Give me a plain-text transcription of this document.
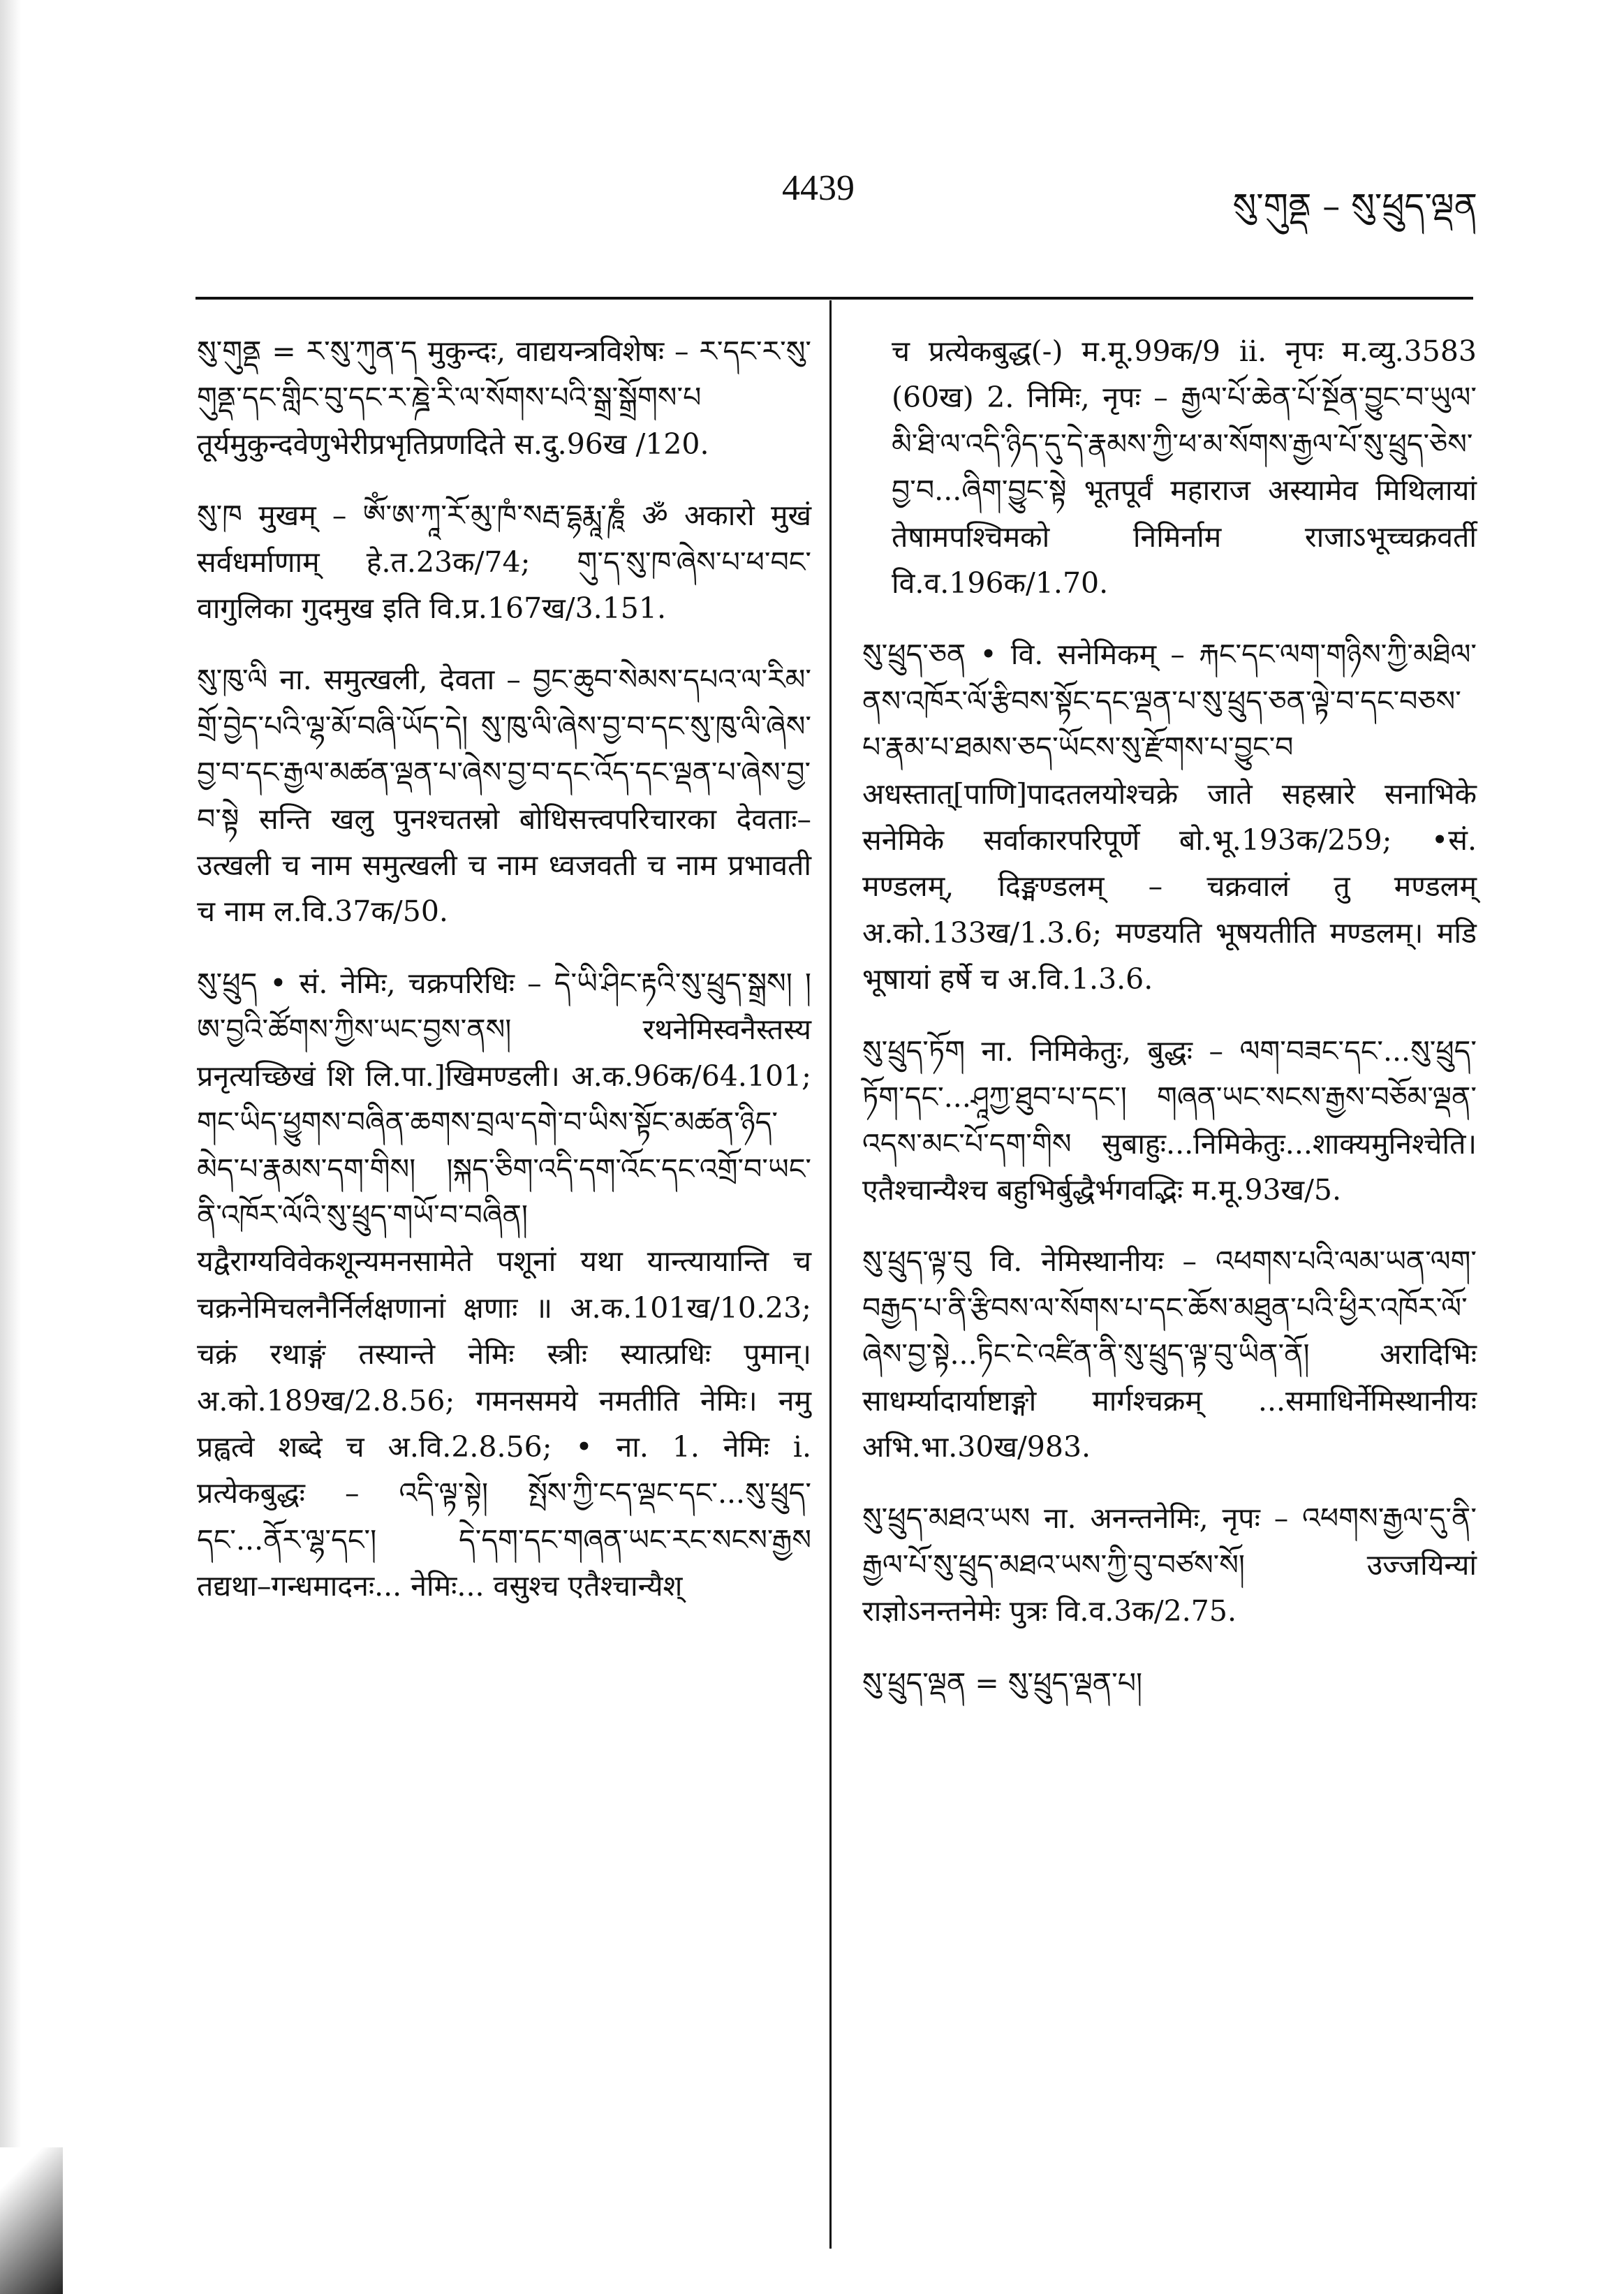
4439	སུ་གུནྡ – སུ་ཕྲུད་ལྡན

སུ་གུནྡ = ཪ་སུ་ཀུན་ད मुकुन्दः, वाद्ययन्त्रविशेषः – ཪ་དང་ཪ་སུ་གུནྡ་དང་གླིང་བུ་དང་ཪ་ཎྜེ་རི་ལ་སོགས་པའི་སྒྲ་སྒྲོགས་པ तूर्यमुकुन्दवेणुभेरीप्रभृतिप्रणदिते स.दु.96ख /120.

སུ་ཁ मुखम् – ཨོཾ་ཨ་ཀཱ་རོ་མུ་ཁཾ་སརྦ་དྷརྨཱ་ཎཱཾ ॐ अकारो मुखं सर्वधर्माणाम् हे.त.23क/74; གུ་ད་སུ་ཁ་ཞེས་པ་ཕ་བང་ वागुलिका गुदमुख इति वि.प्र.167ख/3.151.

སུ་ཁུ་ལི ना. समुत्खली, देवता – བྱང་ཆུབ་སེམས་དཔའ་ལ་རིམ་གྲོ་བྱེད་པའི་ལྷ་མོ་བཞི་ཡོད་དེ། སུ་ཁུ་ལི་ཞེས་བྱ་བ་དང་སུ་ཁུ་ལི་ཞེས་བྱ་བ་དང་རྒྱལ་མཚན་ལྡན་པ་ཞེས་བྱ་བ་དང་འོད་དང་ལྡན་པ་ཞེས་བྱ་བ་སྟེ सन्ति खलु पुनश्चतस्रो बोधिसत्त्वपरिचारका देवताः–उत्खली च नाम समुत्खली च नाम ध्वजवती च नाम प्रभावती च नाम ल.वि.37क/50.

སུ་ཕྲུད • सं. नेमिः, चक्रपरिधिः – དེ་ཡི་ཤིང་རྟའི་སུ་ཕྲུད་སྒྲས། །ཨ་བྱའི་ཚོགས་ཀྱིས་ཡང་བྱས་ནས། रथनेमिस्वनैस्तस्य प्रनृत्यच्छिखं शि लि.पा.]खिमण्डली। अ.क.96क/64.101; གང་ཡིད་ཕྱུགས་བཞིན་ཆགས་བྲལ་དགེ་བ་ཡིས་སྟོང་མཚན་ཉིད་མེད་པ་རྣམས་དག་གིས། །སྐད་ཅིག་འདི་དག་འོང་དང་འགྲོ་བ་ཡང་ནི་འཁོར་ལོའི་སུ་ཕྲུད་གཡོ་བ་བཞིན། यद्वैराग्यविवेकशून्यमनसामेते पशूनां यथा यान्त्यायान्ति च चक्रनेमिचलनैर्निर्लक्षणानां क्षणाः ॥ अ.क.101ख/10.23; चक्रं रथाङ्गं तस्यान्ते नेमिः स्त्रीः स्यात्प्रधिः पुमान्। अ.को.189ख/2.8.56; गमनसमये नमतीति नेमिः। नमु प्रह्वत्वे शब्दे च अ.वि.2.8.56; • ना. 1. नेमिः i. प्रत्येकबुद्धः – འདི་ལྟ་སྟེ། སྤོས་ཀྱི་ངད་ལྡང་དང་...སུ་ཕྲུད་དང་...ནོར་ལྷ་དང་། དེ་དག་དང་གཞན་ཡང་རང་སངས་རྒྱས तद्यथा–गन्धमादनः... नेमिः... वसुश्च एतैश्चान्यैश्

च प्रत्येकबुद्ध(-) म.मू.99क/9 ii. नृपः म.व्यु.3583 (60ख) 2. निमिः, नृपः – རྒྱལ་པོ་ཆེན་པོ་སྔོན་བྱུང་བ་ཡུལ་མི་ཐི་ལ་འདི་ཉིད་དུ་དེ་རྣམས་ཀྱི་ཕ་མ་སོགས་རྒྱལ་པོ་སུ་ཕྲུད་ཅེས་བྱ་བ...ཞིག་བྱུང་སྟེ भूतपूर्वं महाराज अस्यामेव मिथिलायां तेषामपश्चिमको निमिर्नाम राजाऽभूच्चक्रवर्ती वि.व.196क/1.70.

སུ་ཕྲུད་ཅན • वि. सनेमिकम् – རྐང་དང་ལག་གཉིས་ཀྱི་མཐིལ་ནས་འཁོར་ལོ་རྩིབས་སྟོང་དང་ལྡན་པ་སུ་ཕྲུད་ཅན་ལྟེ་བ་དང་བཅས་པ་རྣམ་པ་ཐམས་ཅད་ཡོངས་སུ་རྫོགས་པ་བྱུང་བ अधस्तात्[पाणि]पादतलयोश्चक्रे जाते सहस्रारे सनाभिके सनेमिके सर्वाकारपरिपूर्णे बो.भू.193क/259; •सं. मण्डलम्, दिङ्मण्डलम् – चक्रवालं तु मण्डलम् अ.को.133ख/1.3.6; मण्डयति भूषयतीति मण्डलम्। मडि भूषायां हर्षे च अ.वि.1.3.6.

སུ་ཕྲུད་ཏོག ना. निमिकेतुः, बुद्धः – ལག་བཟང་དང་...སུ་ཕྲུད་ཏོག་དང་...ཤཱཀྱ་ཐུབ་པ་དང་། གཞན་ཡང་སངས་རྒྱས་བཅོམ་ལྡན་འདས་མང་པོ་དག་གིས सुबाहुः...निमिकेतुः...शाक्यमुनिश्चेति। एतैश्चान्यैश्च बहुभिर्बुद्धैर्भगवद्भिः म.मू.93ख/5.

སུ་ཕྲུད་ལྟ་བུ वि. नेमिस्थानीयः – འཕགས་པའི་ལམ་ཡན་ལག་བརྒྱད་པ་ནི་རྩིབས་ལ་སོགས་པ་དང་ཆོས་མཐུན་པའི་ཕྱིར་འཁོར་ལོ་ཞེས་བྱ་སྟེ...ཏིང་ངེ་འཛིན་ནི་སུ་ཕྲུད་ལྟ་བུ་ཡིན་ནོ། अरादिभिः साधर्म्यादार्याष्टाङ्गो मार्गश्चक्रम् ...समाधिर्नेमिस्थानीयः अभि.भा.30ख/983.

སུ་ཕྲུད་མཐའ་ཡས ना. अनन्तनेमिः, नृपः – འཕགས་རྒྱལ་དུ་ནི་རྒྱལ་པོ་སུ་ཕྲུད་མཐའ་ཡས་ཀྱི་བུ་བཙས་སོ། उज्जयिन्यां राज्ञोऽनन्तनेमेः पुत्रः वि.व.3क/2.75.

སུ་ཕྲུད་ལྡན = སུ་ཕྲུད་ལྡན་པ།
